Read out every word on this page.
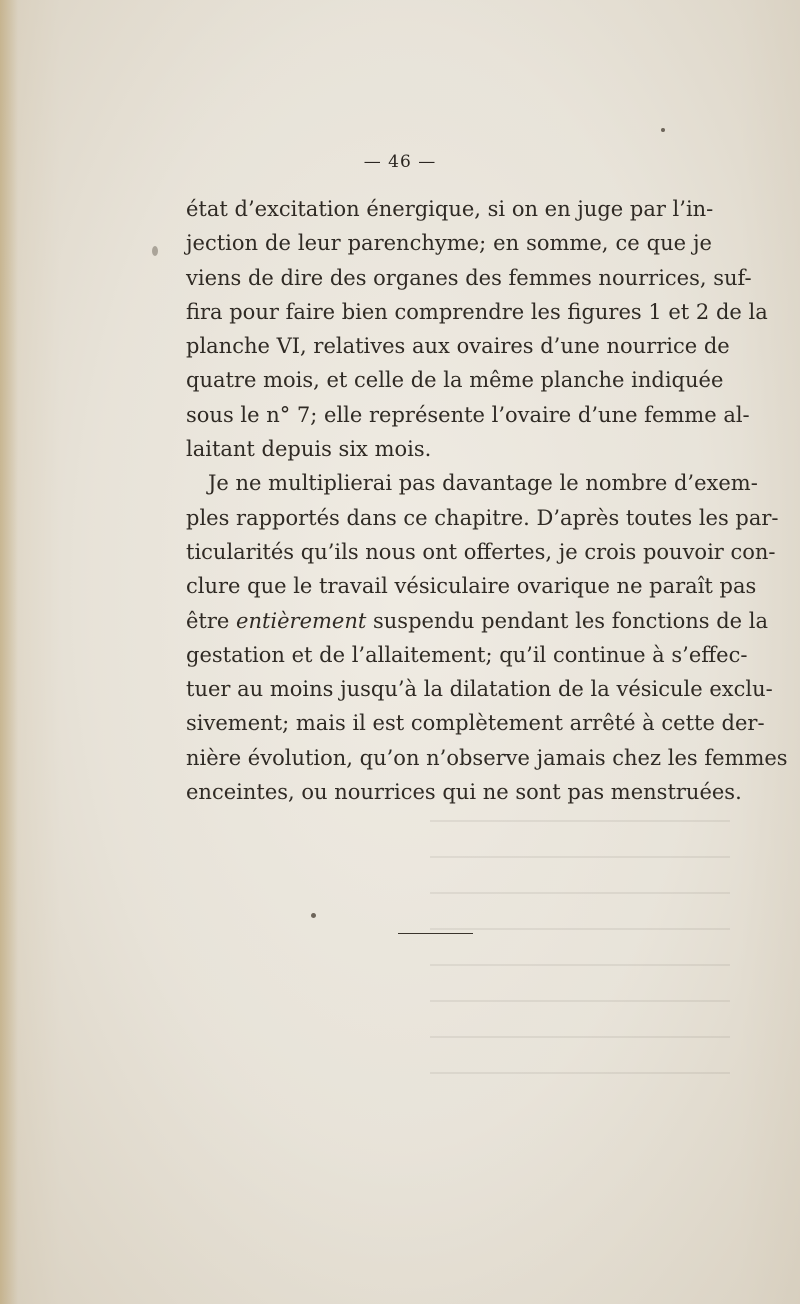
— 46 —
état d’excitation énergique, si on en juge par l’in-
jection de leur parenchyme; en somme, ce que je
viens de dire des organes des femmes nourrices, suf-
fira pour faire bien comprendre les figures 1 et 2 de la
planche VI, relatives aux ovaires d’une nourrice de
quatre mois, et celle de la même planche indiquée
sous le n° 7; elle représente l’ovaire d’une femme al-
laitant depuis six mois.
Je ne multiplierai pas davantage le nombre d’exem-
ples rapportés dans ce chapitre. D’après toutes les par-
ticularités qu’ils nous ont offertes, je crois pouvoir con-
clure que le travail vésiculaire ovarique ne paraît pas
être entièrement suspendu pendant les fonctions de la
gestation et de l’allaitement; qu’il continue à s’effec-
tuer au moins jusqu’à la dilatation de la vésicule exclu-
sivement; mais il est complètement arrêté à cette der-
nière évolution, qu’on n’observe jamais chez les femmes
enceintes, ou nourrices qui ne sont pas menstruées.
